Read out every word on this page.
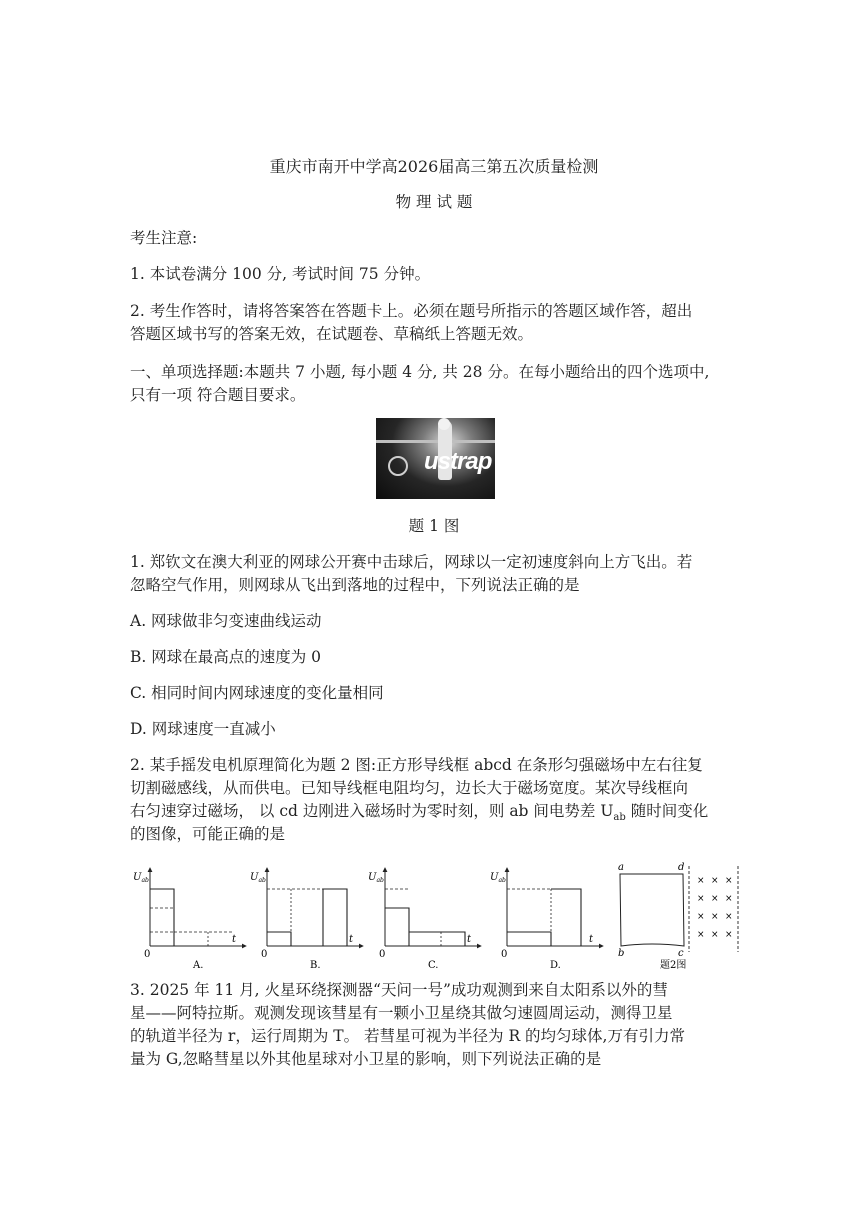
重庆市南开中学高2026届高三第五次质量检测
物 理 试 题
考生注意:
1. 本试卷满分 100 分, 考试时间 75 分钟。
2. 考生作答时，请将答案答在答题卡上。必须在题号所指示的答题区域作答，超出
答题区域书写的答案无效，在试题卷、草稿纸上答题无效。
一、单项选择题:本题共 7 小题, 每小题 4 分, 共 28 分。在每小题给出的四个选项中,
只有一项 符合题目要求。
ustrap
题 1 图
1. 郑钦文在澳大利亚的网球公开赛中击球后，网球以一定初速度斜向上方飞出。若
忽略空气作用，则网球从飞出到落地的过程中，下列说法正确的是
A. 网球做非匀变速曲线运动
B. 网球在最高点的速度为 0
C. 相同时间内网球速度的变化量相同
D. 网球速度一直减小
2. 某手摇发电机原理简化为题 2 图:正方形导线框 abcd 在条形匀强磁场中左右往复
切割磁感线，从而供电。已知导线框电阻均匀，边长大于磁场宽度。某次导线框向
右匀速穿过磁场， 以 cd 边刚进入磁场时为零时刻，则 ab 间电势差 $U_{ab}$ 随时间变化
的图像，可能正确的是
$U_{ab}$
0
t
A.
$U_{ab}$
0
t
B.
$U_{ab}$
0
t
C.
$U_{ab}$
0
t
D.
a	d
b	c
× × ×
× × ×
× × ×
× × ×
题2图
3. 2025 年 11 月, 火星环绕探测器“天问一号”成功观测到来自太阳系以外的彗
星——阿特拉斯。观测发现该彗星有一颗小卫星绕其做匀速圆周运动，测得卫星
的轨道半径为 r，运行周期为 T。 若彗星可视为半径为 R 的均匀球体,万有引力常
量为 G,忽略彗星以外其他星球对小卫星的影响，则下列说法正确的是
